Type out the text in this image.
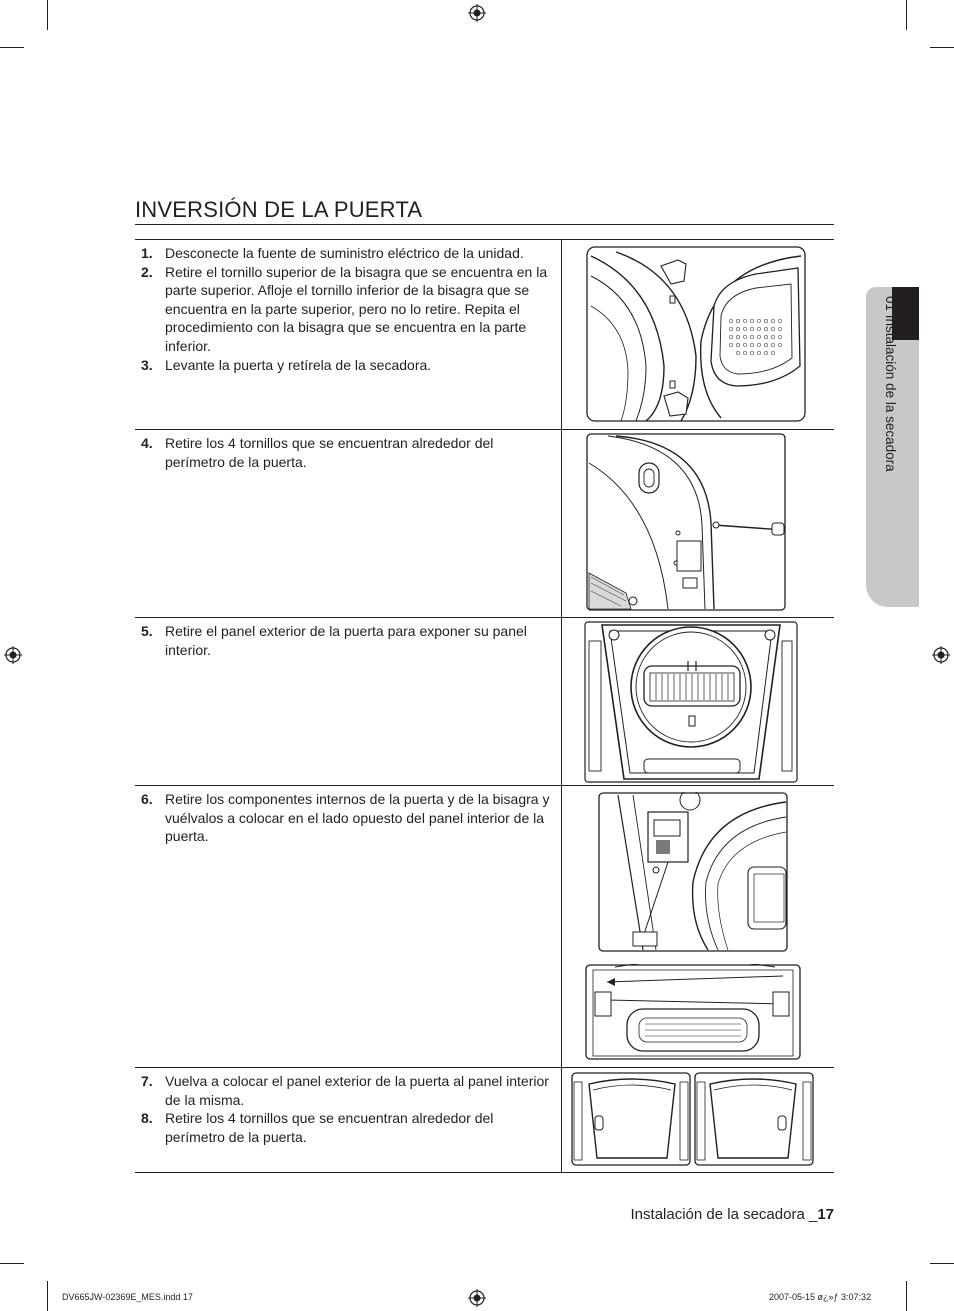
INVERSIÓN DE LA PUERTA
01 Instalación de la secadora
1. Desconecte la fuente de suministro eléctrico de la unidad.
2. Retire el tornillo superior de la bisagra que se encuentra en la parte superior. Afloje el tornillo inferior de la bisagra que se encuentra en la parte superior, pero no lo retire. Repita el procedimiento con la bisagra que se encuentra en la parte inferior.
3. Levante la puerta y retírela de la secadora.
4. Retire los 4 tornillos que se encuentran alrededor del perímetro de la puerta.
5. Retire el panel exterior de la puerta para exponer su panel interior.
6. Retire los componentes internos de la puerta y de la bisagra y vuélvalos a colocar en el lado opuesto del panel interior de la puerta.
7. Vuelva a colocar el panel exterior de la puerta al panel interior de la misma.
8. Retire los 4 tornillos que se encuentran alrededor del perímetro de la puerta.
Instalación de la secadora _17
DV665JW-02369E_MES.indd 17	2007-05-15 ø¿»ƒ 3:07:32
